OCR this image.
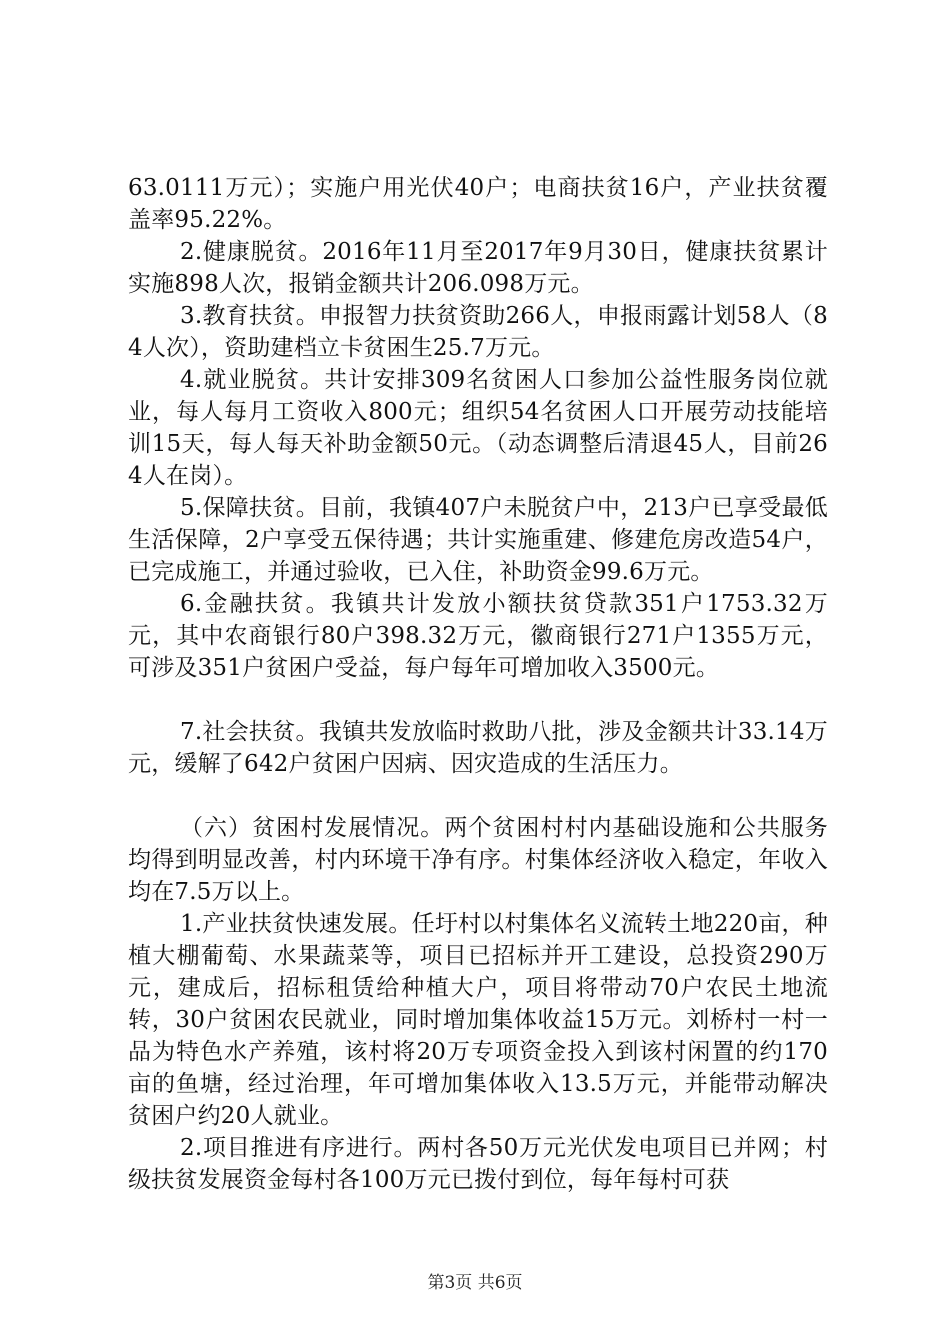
63.0111万元）；实施户用光伏40户；电商扶贫16户，产业扶贫覆盖率95.22%。

2.健康脱贫。2016年11月至2017年9月30日，健康扶贫累计实施898人次，报销金额共计206.098万元。

3.教育扶贫。申报智力扶贫资助266人，申报雨露计划58人（84人次），资助建档立卡贫困生25.7万元。

4.就业脱贫。共计安排309名贫困人口参加公益性服务岗位就业，每人每月工资收入800元；组织54名贫困人口开展劳动技能培训15天，每人每天补助金额50元。（动态调整后清退45人，目前264人在岗）。

5.保障扶贫。目前，我镇407户未脱贫户中，213户已享受最低生活保障，2户享受五保待遇；共计实施重建、修建危房改造54户，已完成施工，并通过验收，已入住，补助资金99.6万元。

6.金融扶贫。我镇共计发放小额扶贫贷款351户1753.32万元，其中农商银行80户398.32万元，徽商银行271户1355万元，可涉及351户贫困户受益，每户每年可增加收入3500元。

7.社会扶贫。我镇共发放临时救助八批，涉及金额共计33.14万元，缓解了642户贫困户因病、因灾造成的生活压力。

（六）贫困村发展情况。两个贫困村村内基础设施和公共服务均得到明显改善，村内环境干净有序。村集体经济收入稳定，年收入均在7.5万以上。

1.产业扶贫快速发展。任圩村以村集体名义流转土地220亩，种植大棚葡萄、水果蔬菜等，项目已招标并开工建设，总投资290万元，建成后，招标租赁给种植大户，项目将带动70户农民土地流转，30户贫困农民就业，同时增加集体收益15万元。刘桥村一村一品为特色水产养殖，该村将20万专项资金投入到该村闲置的约170亩的鱼塘，经过治理，年可增加集体收入13.5万元，并能带动解决贫困户约20人就业。

2.项目推进有序进行。两村各50万元光伏发电项目已并网；村级扶贫发展资金每村各100万元已拨付到位，每年每村可获

第3页 共6页
